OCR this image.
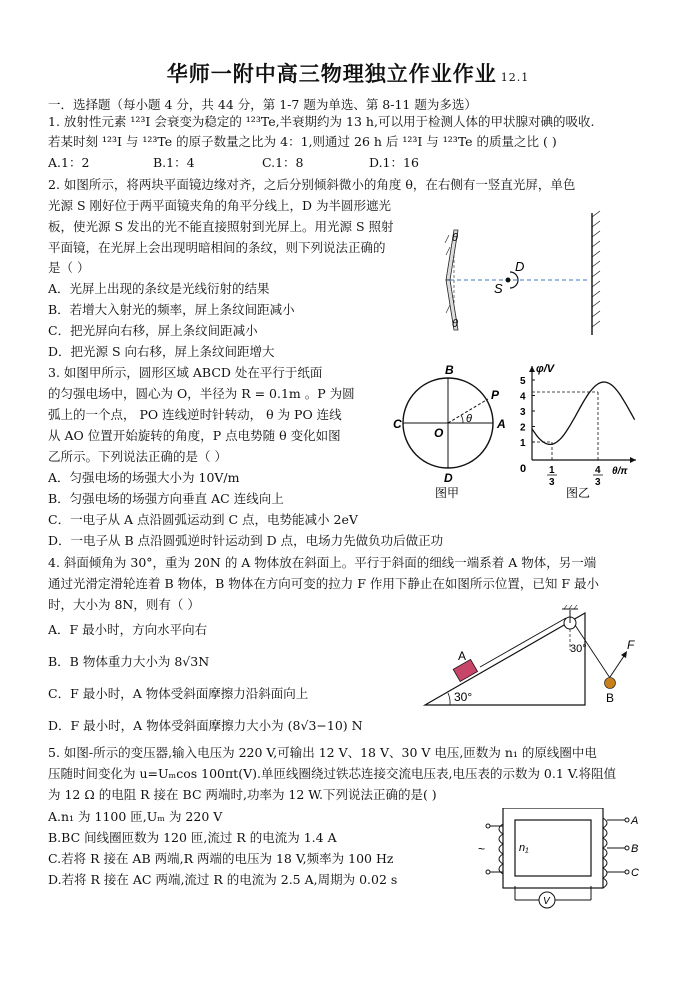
华师一附中高三物理独立作业作业 12.1
一．选择题（每小题 4 分，共 44 分，第 1-7 题为单选、第 8-11 题为多选）
1. 放射性元素 ¹²³I 会衰变为稳定的 ¹²³Te,半衰期约为 13 h,可以用于检测人体的甲状腺对碘的吸收.
若某时刻 ¹²³I 与 ¹²³Te 的原子数量之比为 4：1,则通过 26 h 后 ¹²³I 与 ¹²³Te 的质量之比 ( )
A.1：2	B.1：4	C.1：8	D.1：16
2. 如图所示，将两块平面镜边缘对齐，之后分别倾斜微小的角度 θ，在右侧有一竖直光屏，单色
光源 S 刚好位于两平面镜夹角的角平分线上，D 为半圆形遮光
板，使光源 S 发出的光不能直接照射到光屏上。用光源 S 照射
平面镜，在光屏上会出现明暗相间的条纹，则下列说法正确的
是（ ）
A．光屏上出现的条纹是光线衍射的结果
B．若增大入射光的频率，屏上条纹间距减小
C．把光屏向右移，屏上条纹间距减小
D．把光源 S 向右移，屏上条纹间距增大
θ
θ
D
S
3. 如图甲所示，圆形区域 ABCD 处在平行于纸面
的匀强电场中，圆心为 O，半径为 R = 0.1m 。P 为圆
弧上的一个点， PO 连线逆时针转动， θ 为 PO 连线
从 AO 位置开始旋转的角度，P 点电势随 θ 变化如图
乙所示。下列说法正确的是（ ）
A．匀强电场的场强大小为 10V/m
B．匀强电场的场强方向垂直 AC 连线向上
C．一电子从 A 点沿圆弧运动到 C 点，电势能减小 2eV
D．一电子从 B 点沿圆弧逆时针运动到 D 点，电场力先做负功后做正功
B
C	A
D
O
P
θ
图甲
φ/V
θ/π
0
5
4
3
2
1
1
3
4
3
图乙
4. 斜面倾角为 30°，重为 20N 的 A 物体放在斜面上。平行于斜面的细线一端系着 A 物体，另一端
通过光滑定滑轮连着 B 物体，B 物体在方向可变的拉力 F 作用下静止在如图所示位置，已知 F 最小
时，大小为 8N，则有（ ）
A．F 最小时，方向水平向右
B．B 物体重力大小为 8√3N
C．F 最小时，A 物体受斜面摩擦力沿斜面向上
D．F 最小时，A 物体受斜面摩擦力大小为 (8√3−10) N
30°
A	30°
B
F
5. 如图-所示的变压器,输入电压为 220 V,可输出 12 V、18 V、30 V 电压,匝数为 n₁ 的原线圈中电
压随时间变化为 u=Uₘcos 100πt(V).单匝线圈绕过铁芯连接交流电压表,电压表的示数为 0.1 V.将阻值
为 12 Ω 的电阻 R 接在 BC 两端时,功率为 12 W.下列说法正确的是( )
A.n₁ 为 1100 匝,Uₘ 为 220 V
B.BC 间线圈匝数为 120 匝,流过 R 的电流为 1.4 A
C.若将 R 接在 AB 两端,R 两端的电压为 18 V,频率为 100 Hz
D.若将 R 接在 AC 两端,流过 R 的电流为 2.5 A,周期为 0.02 s
~	n₁
A
B
C
V
